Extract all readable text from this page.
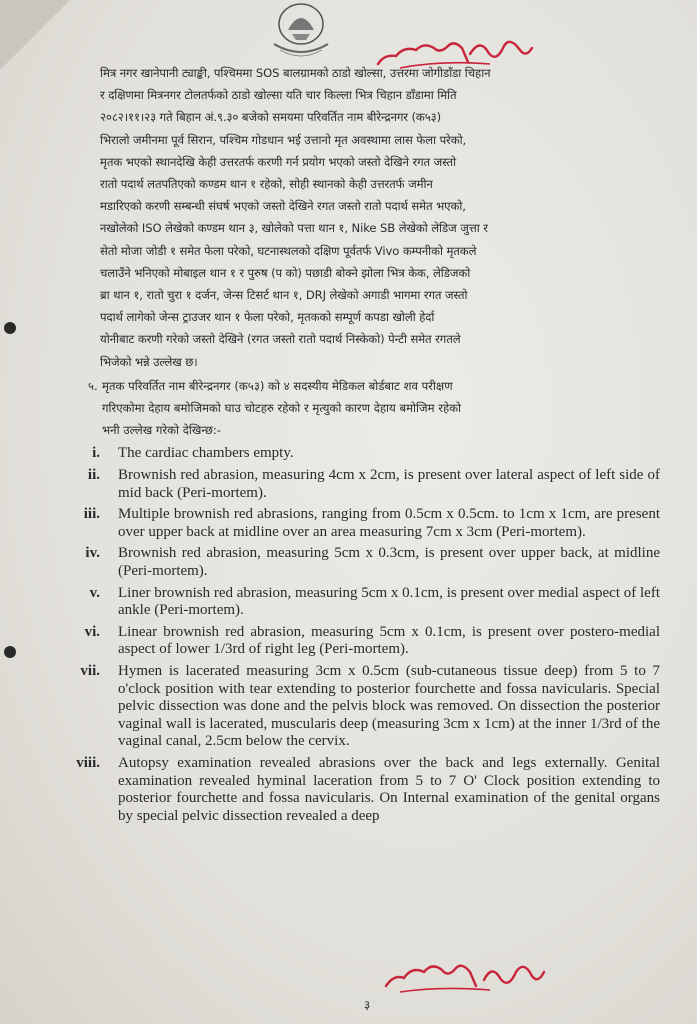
मित्र नगर खानेपानी ट्याङ्की, पश्चिममा SOS बालग्रामको ठाडो खोल्सा, उत्तरमा जोगीडाँडा चिहान
र दक्षिणमा मित्रनगर टोलतर्फको ठाडो खोल्सा यति चार किल्ला भित्र चिहान डाँडामा मिति
२०८२।११।२३ गते बिहान अं.९.३० बजेको समयमा परिवर्तित नाम बीरेन्द्रनगर (क५३)
भिरालो जमीनमा पूर्व सिरान, पश्चिम गोडधान भई उत्तानो मृत अवस्थामा लास फेला परेको,
मृतक भएको स्थानदेखि केही उत्तरतर्फ करणी गर्न प्रयोग भएको जस्तो देखिने रगत जस्तो
रातो पदार्थ लतपतिएको कण्डम थान १ रहेको, सोही स्थानको केही उत्तरतर्फ जमीन
मडारिएको करणी सम्बन्धी संघर्ष भएको जस्तो देखिने रगत जस्तो रातो पदार्थ समेत भएको,
नखोलेको ISO लेखेको कण्डम थान ३, खोलेको पत्ता थान १, Nike SB लेखेको लेडिज जुत्ता र
सेतो मोजा जोडी १ समेत फेला परेको, घटनास्थलको दक्षिण पूर्वतर्फ Vivo कम्पनीको मृतकले
चलाउँने भनिएको मोबाइल थान १ र पुरुष (प को) पछाडी बोक्ने झोला भित्र केक, लेडिजको
ब्रा थान १, रातो चुरा १ दर्जन, जेन्स टिसर्ट थान १, DRJ लेखेको अगाडी भागमा रगत जस्तो
पदार्थ लागेको जेन्स ट्राउजर थान १ फेला परेको, मृतकको सम्पूर्ण कपडा खोली हेर्दा
योनीबाट करणी गरेको जस्तो देखिने (रगत जस्तो रातो पदार्थ निस्केको) पेन्टी समेत रगतले
भिजेको भन्ने उल्लेख छ।
५. मृतक परिवर्तित नाम बीरेन्द्रनगर (क५३) को ४ सदस्यीय मेडिकल बोर्डबाट शव परीक्षण
गरिएकोमा देहाय बमोजिमको घाउ चोटहरु रहेको र मृत्युको कारण देहाय बमोजिम रहेको
भनी उल्लेख गरेको देखिन्छ:-
i. The cardiac chambers empty.
ii. Brownish red abrasion, measuring 4cm x 2cm, is present over lateral aspect of left side of mid back (Peri-mortem).
iii. Multiple brownish red abrasions, ranging from 0.5cm x 0.5cm. to 1cm x 1cm, are present over upper back at midline over an area measuring 7cm x 3cm (Peri-mortem).
iv. Brownish red abrasion, measuring 5cm x 0.3cm, is present over upper back, at midline (Peri-mortem).
v. Liner brownish red abrasion, measuring 5cm x 0.1cm, is present over medial aspect of left ankle (Peri-mortem).
vi. Linear brownish red abrasion, measuring 5cm x 0.1cm, is present over postero-medial aspect of lower 1/3rd of right leg (Peri-mortem).
vii. Hymen is lacerated measuring 3cm x 0.5cm (sub-cutaneous tissue deep) from 5 to 7 o'clock position with tear extending to posterior fourchette and fossa navicularis. Special pelvic dissection was done and the pelvis block was removed. On dissection the posterior vaginal wall is lacerated, muscularis deep (measuring 3cm x 1cm) at the inner 1/3rd of the vaginal canal, 2.5cm below the cervix.
viii. Autopsy examination revealed abrasions over the back and legs externally. Genital examination revealed hyminal laceration from 5 to 7 O' Clock position extending to posterior fourchette and fossa navicularis. On Internal examination of the genital organs by special pelvic dissection revealed a deep
३
